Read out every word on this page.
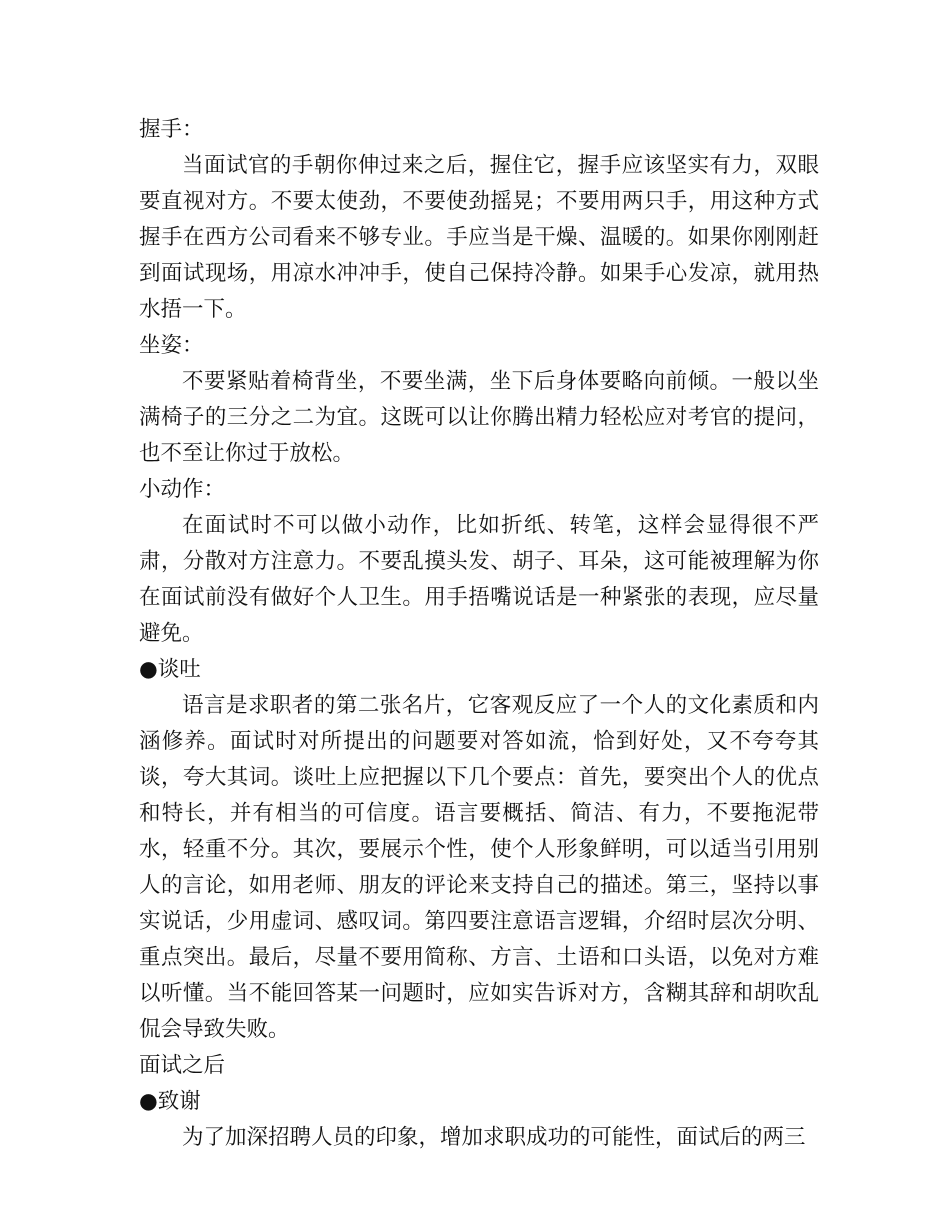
握手：

当面试官的手朝你伸过来之后，握住它，握手应该坚实有力，双眼要直视对方。不要太使劲，不要使劲摇晃；不要用两只手，用这种方式握手在西方公司看来不够专业。手应当是干燥、温暖的。如果你刚刚赶到面试现场，用凉水冲冲手，使自己保持冷静。如果手心发凉，就用热水捂一下。

坐姿：

不要紧贴着椅背坐，不要坐满，坐下后身体要略向前倾。一般以坐满椅子的三分之二为宜。这既可以让你腾出精力轻松应对考官的提问，也不至让你过于放松。

小动作：

在面试时不可以做小动作，比如折纸、转笔，这样会显得很不严肃，分散对方注意力。不要乱摸头发、胡子、耳朵，这可能被理解为你在面试前没有做好个人卫生。用手捂嘴说话是一种紧张的表现，应尽量避免。

●谈吐

语言是求职者的第二张名片，它客观反应了一个人的文化素质和内涵修养。面试时对所提出的问题要对答如流，恰到好处，又不夸夸其谈，夸大其词。谈吐上应把握以下几个要点：首先，要突出个人的优点和特长，并有相当的可信度。语言要概括、简洁、有力，不要拖泥带水，轻重不分。其次，要展示个性，使个人形象鲜明，可以适当引用别人的言论，如用老师、朋友的评论来支持自己的描述。第三，坚持以事实说话，少用虚词、感叹词。第四要注意语言逻辑，介绍时层次分明、重点突出。最后，尽量不要用简称、方言、土语和口头语，以免对方难以听懂。当不能回答某一问题时，应如实告诉对方，含糊其辞和胡吹乱侃会导致失败。

面试之后

●致谢

为了加深招聘人员的印象，增加求职成功的可能性，面试后的两三
